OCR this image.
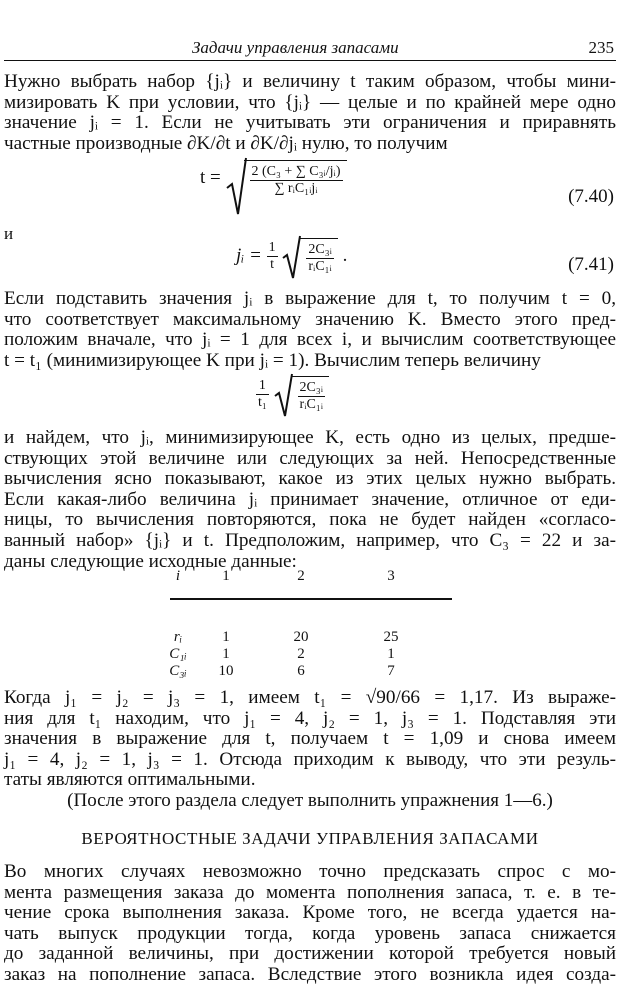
Задачи управления запасами	235
Нужно выбрать набор {jᵢ} и величину t таким образом, чтобы мини-
мизировать K при условии, что {jᵢ} — целые и по крайней мере одно
значение jᵢ = 1. Если не учитывать эти ограничения и приравнять
частные производные ∂K/∂t и ∂K/∂jᵢ нулю, то получим
$t = \frac{\text{2 (C₃ + ∑ C₃ᵢ/jᵢ)}}{\text{∑ rᵢC₁ᵢjᵢ}}$	(7.40)
и
jᵢ = $\frac{1}{t}$
$\frac{\text{2C₃ᵢ}}{\text{rᵢC₁ᵢ}}$ .	(7.41)
Если подставить значения jᵢ в выражение для t, то получим t = 0,
что соответствует максимальному значению K. Вместо этого пред-
положим вначале, что jᵢ = 1 для всех i, и вычислим соответствующее
t = t₁ (минимизирующее K при jᵢ = 1). Вычислим теперь величину
$\frac{1}{\text{t₁}}$
$\frac{\text{2C₃ᵢ}}{\text{rᵢC₁ᵢ}}$
и найдем, что jᵢ, минимизирующее K, есть одно из целых, предше-
ствующих этой величине или следующих за ней. Непосредственные
вычисления ясно показывают, какое из этих целых нужно выбрать.
Если какая-либо величина jᵢ принимает значение, отличное от еди-
ницы, то вычисления повторяются, пока не будет найден «согласо-
ванный набор» {jᵢ} и t. Предположим, например, что C₃ = 22 и за-
даны следующие исходные данные:
i	1	2	3

rᵢ	1	20	25
C₁ᵢ	1	2	1
C₃ᵢ	10	6	7
Когда j₁ = j₂ = j₃ = 1, имеем t₁ = √90/66 = 1,17. Из выраже-
ния для t₁ находим, что j₁ = 4, j₂ = 1, j₃ = 1. Подставляя эти
значения в выражение для t, получаем t = 1,09 и снова имеем
j₁ = 4, j₂ = 1, j₃ = 1. Отсюда приходим к выводу, что эти резуль-
таты являются оптимальными.
(После этого раздела следует выполнить упражнения 1—6.)
ВЕРОЯТНОСТНЫЕ ЗАДАЧИ УПРАВЛЕНИЯ ЗАПАСАМИ
Во многих случаях невозможно точно предсказать спрос с мо-
мента размещения заказа до момента пополнения запаса, т. е. в те-
чение срока выполнения заказа. Кроме того, не всегда удается на-
чать выпуск продукции тогда, когда уровень запаса снижается
до заданной величины, при достижении которой требуется новый
заказ на пополнение запаса. Вследствие этого возникла идея созда-
